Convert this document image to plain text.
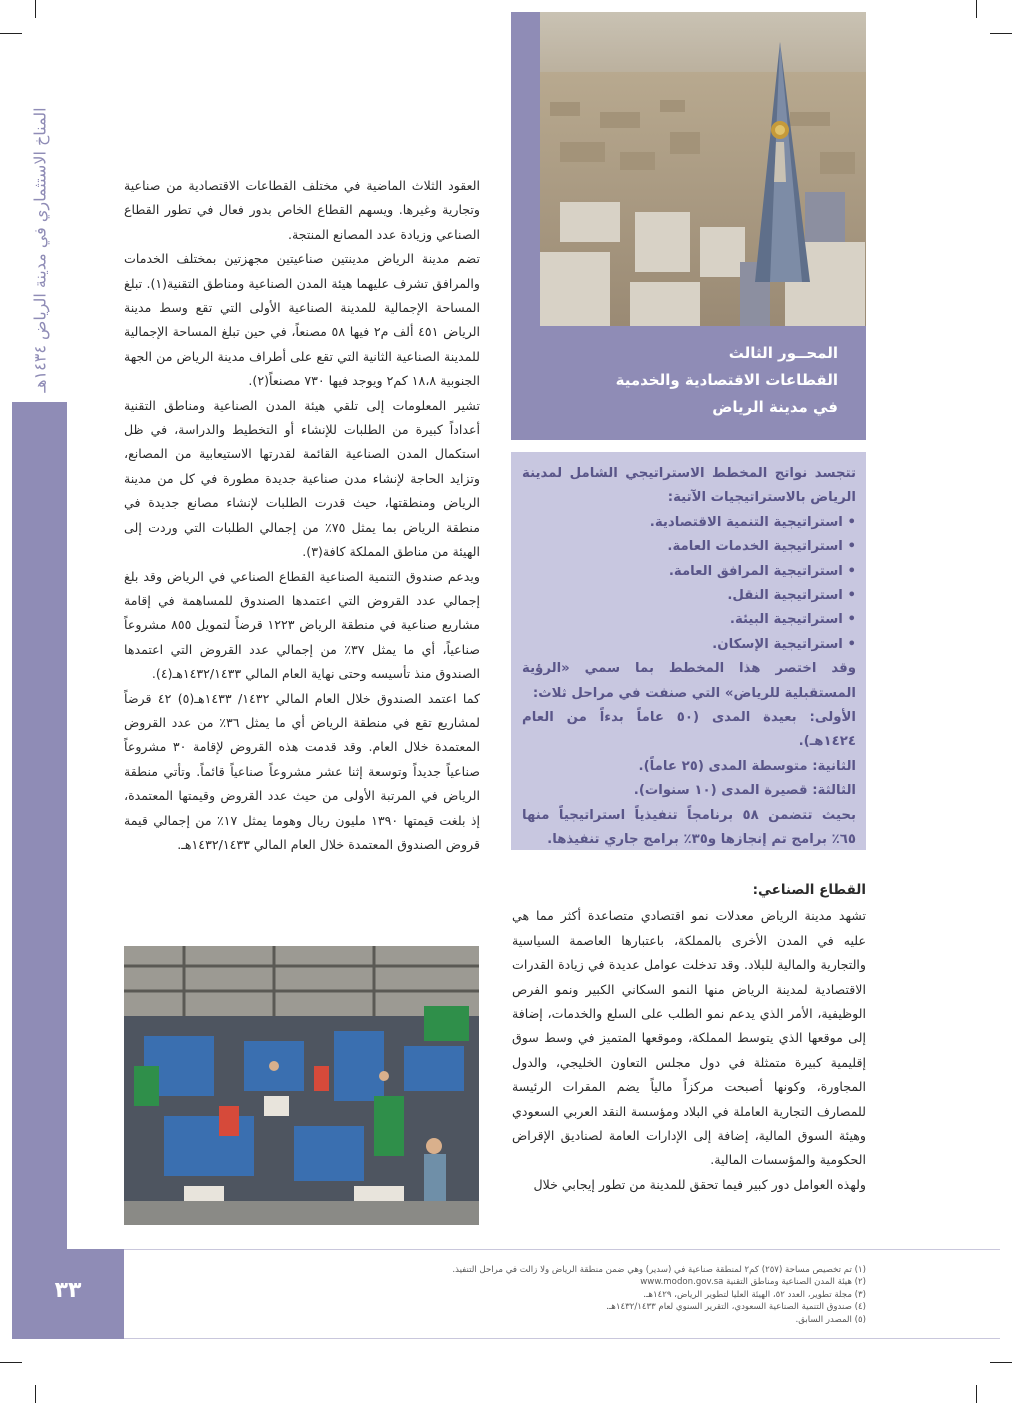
المناخ الاستثماري في مدينة الرياض ١٤٣٤هـ
المحــور الثالث
القطاعات الاقتصادية والخدمية
في مدينة الرياض

العقود الثلاث الماضية في مختلف القطاعات الاقتصادية من صناعية وتجارية وغيرها. ويسهم القطاع الخاص بدور فعال في تطور القطاع الصناعي وزيادة عدد المصانع المنتجة.

تضم مدينة الرياض مدينتين صناعيتين مجهزتين بمختلف الخدمات والمرافق تشرف عليهما هيئة المدن الصناعية ومناطق التقنية(١). تبلغ المساحة الإجمالية للمدينة الصناعية الأولى التي تقع وسط مدينة الرياض ٤٥١ ألف م٢ فيها ٥٨ مصنعاً، في حين تبلغ المساحة الإجمالية للمدينة الصناعية الثانية التي تقع على أطراف مدينة الرياض من الجهة الجنوبية ١٨،٨ كم٢ ويوجد فيها ٧٣٠ مصنعاً(٢).

تشير المعلومات إلى تلقي هيئة المدن الصناعية ومناطق التقنية أعداداً كبيرة من الطلبات للإنشاء أو التخطيط والدراسة، في ظل استكمال المدن الصناعية القائمة لقدرتها الاستيعابية من المصانع، وتزايد الحاجة لإنشاء مدن صناعية جديدة مطورة في كل من مدينة الرياض ومنطقتها، حيث قدرت الطلبات لإنشاء مصانع جديدة في منطقة الرياض بما يمثل ٧٥٪ من إجمالي الطلبات التي وردت إلى الهيئة من مناطق المملكة كافة(٣).

ويدعم صندوق التنمية الصناعية القطاع الصناعي في الرياض وقد بلغ إجمالي عدد القروض التي اعتمدها الصندوق للمساهمة في إقامة مشاريع صناعية في منطقة الرياض ١٢٢٣ قرضاً لتمويل ٨٥٥ مشروعاً صناعياً، أي ما يمثل ٣٧٪ من إجمالي عدد القروض التي اعتمدها الصندوق منذ تأسيسه وحتى نهاية العام المالي ١٤٣٢/١٤٣٣هـ(٤).

كما اعتمد الصندوق خلال العام المالي ١٤٣٢/ ١٤٣٣هـ(٥) ٤٢ قرضاً لمشاريع تقع في منطقة الرياض أي ما يمثل ٣٦٪ من عدد القروض المعتمدة خلال العام. وقد قدمت هذه القروض لإقامة ٣٠ مشروعاً صناعياً جديداً وتوسعة إثنا عشر مشروعاً صناعياً قائماً. وتأتي منطقة الرياض في المرتبة الأولى من حيث عدد القروض وقيمتها المعتمدة، إذ بلغت قيمتها ١٣٩٠ مليون ريال وهوما يمثل ١٧٪ من إجمالي قيمة قروض الصندوق المعتمدة خلال العام المالي ١٤٣٢/١٤٣٣هـ.

تتجسد نواتج المخطط الاستراتيجي الشامل لمدينة الرياض بالاستراتيجيات الآتية:

• استراتيجية التنمية الاقتصادية.
• استراتيجية الخدمات العامة.
• استراتيجية المرافق العامة.
• استراتيجية النقل.
• استراتيجية البيئة.
• استراتيجية الإسكان.

وقد اختصر هذا المخطط بما سمي «الرؤية المستقبلية للرياض» التي صنفت في مراحل ثلاث:

الأولى: بعيدة المدى (٥٠ عاماً بدءاً من العام ١٤٢٤هـ).

الثانية: متوسطة المدى (٢٥ عاماً).

الثالثة: قصيرة المدى (١٠ سنوات).

بحيث تتضمن ٥٨ برنامجاً تنفيذياً استراتيجياً منها ٦٥٪ برامج تم إنجازها و٣٥٪ برامج جاري تنفيذها.

القطاع الصناعي:

تشهد مدينة الرياض معدلات نمو اقتصادي متصاعدة أكثر مما هي عليه في المدن الأخرى بالمملكة، باعتبارها العاصمة السياسية والتجارية والمالية للبلاد. وقد تدخلت عوامل عديدة في زيادة القدرات الاقتصادية لمدينة الرياض منها النمو السكاني الكبير ونمو الفرص الوظيفية، الأمر الذي يدعم نمو الطلب على السلع والخدمات، إضافة إلى موقعها الذي يتوسط المملكة، وموقعها المتميز في وسط سوق إقليمية كبيرة متمثلة في دول مجلس التعاون الخليجي، والدول المجاورة، وكونها أصبحت مركزاً مالياً يضم المقرات الرئيسة للمصارف التجارية العاملة في البلاد ومؤسسة النقد العربي السعودي وهيئة السوق المالية، إضافة إلى الإدارات العامة لصناديق الإقراض الحكومية والمؤسسات المالية.

ولهذه العوامل دور كبير فيما تحقق للمدينة من تطور إيجابي خلال

٣٣
(١) تم تخصيص مساحة (٢٥٧) كم٢ لمنطقة صناعية في (سدير) وهي ضمن منطقة الرياض ولا زالت في مراحل التنفيذ.
(٢) هيئة المدن الصناعية ومناطق التقنية www.modon.gov.sa
(٣) مجلة تطوير، العدد ٥٢، الهيئة العليا لتطوير الرياض، ١٤٢٩هـ.
(٤) صندوق التنمية الصناعية السعودي، التقرير السنوي لعام ١٤٣٢/١٤٣٣هـ.
(٥) المصدر السابق.
